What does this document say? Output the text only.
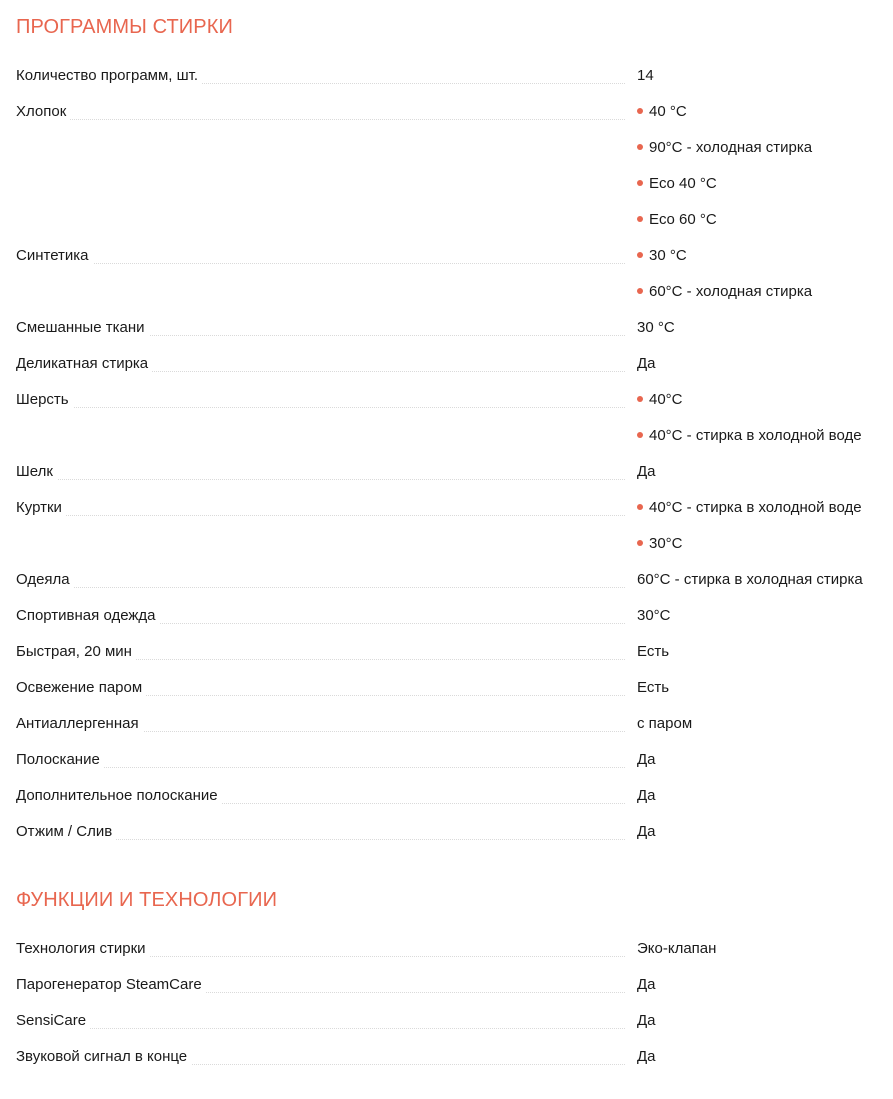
ПРОГРАММЫ СТИРКИ
Количество программ, шт.	14
Хлопок	40 °C
90°C - холодная стирка
Eco 40 °C
Eco 60 °C
Синтетика	30 °C
60°C - холодная стирка
Смешанные ткани	30 °C
Деликатная стирка	Да
Шерсть	40°C
40°C - стирка в холодной воде
Шелк	Да
Куртки	40°C - стирка в холодной воде
30°C
Одеяла	60°C - стирка в холодная стирка
Спортивная одежда	30°C
Быстрая, 20 мин	Есть
Освежение паром	Есть
Антиаллергенная	с паром
Полоскание	Да
Дополнительное полоскание	Да
Отжим / Слив	Да
ФУНКЦИИ И ТЕХНОЛОГИИ
Технология стирки	Эко-клапан
Парогенератор SteamCare	Да
SensiCare	Да
Звуковой сигнал в конце	Да
